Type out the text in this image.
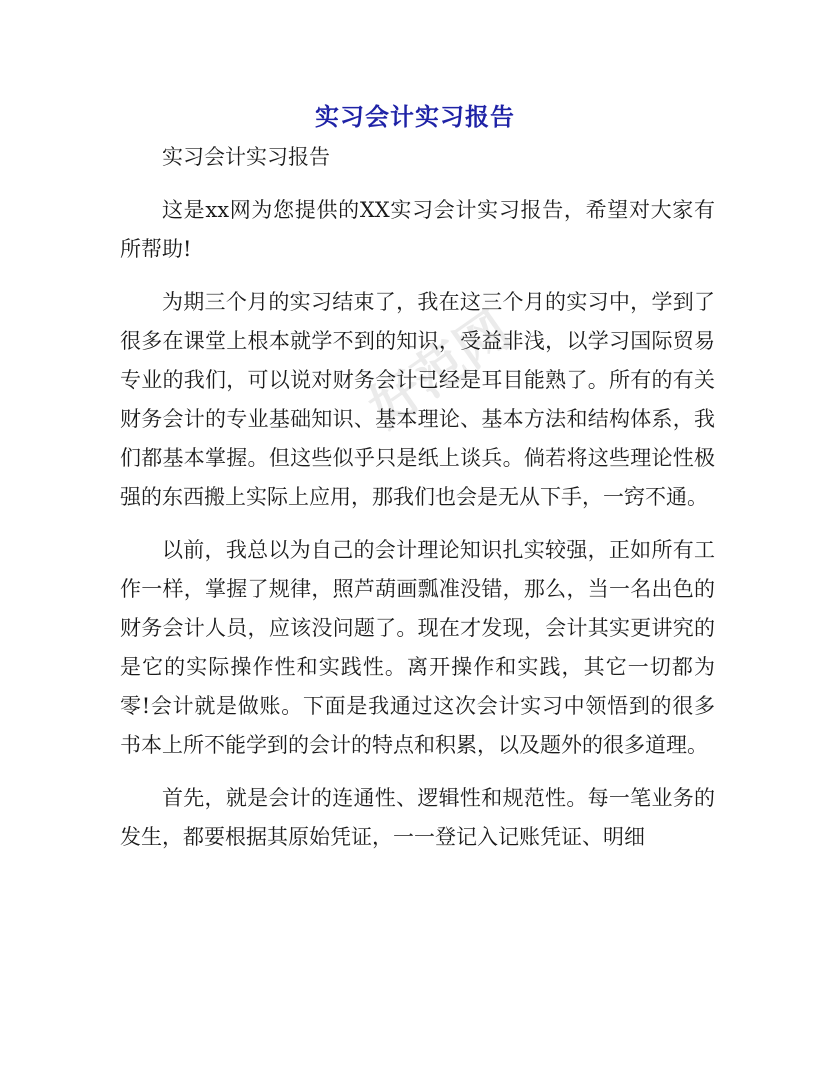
实习会计实习报告
好范网

实习会计实习报告

这是xx网为您提供的XX实习会计实习报告，希望对大家有所帮助!

为期三个月的实习结束了，我在这三个月的实习中，学到了很多在课堂上根本就学不到的知识，受益非浅，以学习国际贸易专业的我们，可以说对财务会计已经是耳目能熟了。所有的有关财务会计的专业基础知识、基本理论、基本方法和结构体系，我们都基本掌握。但这些似乎只是纸上谈兵。倘若将这些理论性极强的东西搬上实际上应用，那我们也会是无从下手，一窍不通。

以前，我总以为自己的会计理论知识扎实较强，正如所有工作一样，掌握了规律，照芦葫画瓢准没错，那么，当一名出色的财务会计人员，应该没问题了。现在才发现，会计其实更讲究的是它的实际操作性和实践性。离开操作和实践，其它一切都为零!会计就是做账。下面是我通过这次会计实习中领悟到的很多书本上所不能学到的会计的特点和积累，以及题外的很多道理。

首先，就是会计的连通性、逻辑性和规范性。每一笔业务的发生，都要根据其原始凭证，一一登记入记账凭证、明细
